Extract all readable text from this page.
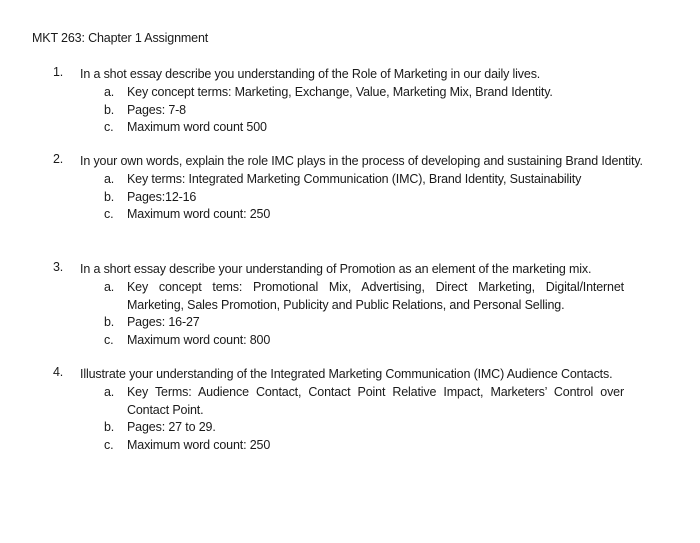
MKT 263: Chapter 1 Assignment
1.	In a shot essay describe you understanding of the Role of Marketing in our daily lives.
a.	Key concept terms: Marketing, Exchange, Value, Marketing Mix, Brand Identity.
b.	Pages: 7-8
c.	Maximum word count 500
2.	In your own words, explain the role IMC plays in the process of developing and sustaining Brand Identity.
a.	Key terms: Integrated Marketing Communication (IMC), Brand Identity, Sustainability
b.	Pages:12-16
c.	Maximum word count: 250
3.	In a short essay describe your understanding of Promotion as an element of the marketing mix.
a.	Key concept tems: Promotional Mix, Advertising, Direct Marketing, Digital/Internet Marketing, Sales Promotion, Publicity and Public Relations, and Personal Selling.
b.	Pages: 16-27
c.	Maximum word count: 800
4.	Illustrate your understanding of the Integrated Marketing Communication (IMC) Audience Contacts.
a.	Key Terms: Audience Contact, Contact Point Relative Impact, Marketers’ Control over Contact Point.
b.	Pages: 27 to 29.
c.	Maximum word count: 250
